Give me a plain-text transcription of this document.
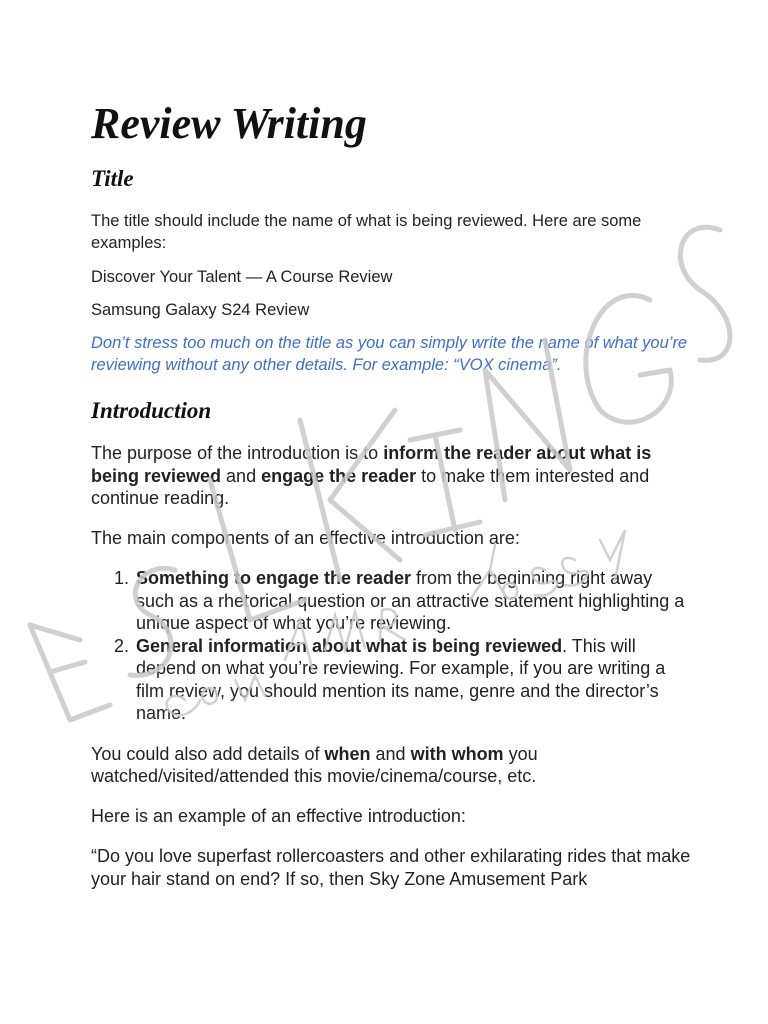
Review Writing
Title

The title should include the name of what is being reviewed. Here are some examples:

Discover Your Talent — A Course Review

Samsung Galaxy S24 Review

Don’t stress too much on the title as you can simply write the name of what you’re reviewing without any other details. For example: “VOX cinema”.

Introduction

The purpose of the introduction is to inform the reader about what is being reviewed and engage the reader to make them interested and continue reading.

The main components of an effective introduction are:

1. Something to engage the reader from the beginning right away such as a rhetorical question or an attractive statement highlighting a unique aspect of what you’re reviewing.
2. General information about what is being reviewed. This will depend on what you’re reviewing. For example, if you are writing a film review, you should mention its name, genre and the director’s name.

You could also add details of when and with whom you watched/visited/attended this movie/cinema/course, etc.

Here is an example of an effective introduction:

“Do you love superfast rollercoasters and other exhilarating rides that make your hair stand on end? If so, then Sky Zone Amusement Park
